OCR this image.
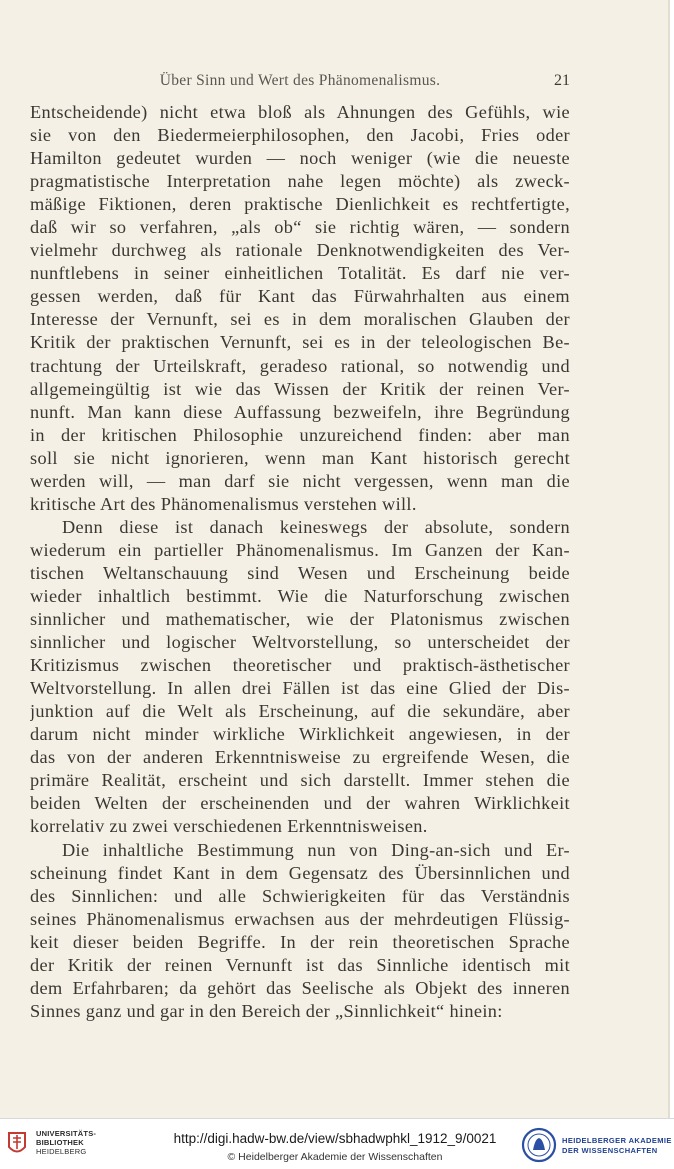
Über Sinn und Wert des Phänomenalismus.	21
Entscheidende) nicht etwa bloß als Ahnungen des Gefühls, wie
sie von den Biedermeierphilosophen, den Jacobi, Fries oder
Hamilton gedeutet wurden — noch weniger (wie die neueste
pragmatistische Interpretation nahe legen möchte) als zweck-
mäßige Fiktionen, deren praktische Dienlichkeit es rechtfertigte,
daß wir so verfahren, „als ob“ sie richtig wären, — sondern
vielmehr durchweg als rationale Denknotwendigkeiten des Ver-
nunftlebens in seiner einheitlichen Totalität. Es darf nie ver-
gessen werden, daß für Kant das Fürwahrhalten aus einem
Interesse der Vernunft, sei es in dem moralischen Glauben der
Kritik der praktischen Vernunft, sei es in der teleologischen Be-
trachtung der Urteilskraft, geradeso rational, so notwendig und
allgemeingültig ist wie das Wissen der Kritik der reinen Ver-
nunft. Man kann diese Auffassung bezweifeln, ihre Begründung
in der kritischen Philosophie unzureichend finden: aber man
soll sie nicht ignorieren, wenn man Kant historisch gerecht
werden will, — man darf sie nicht vergessen, wenn man die
kritische Art des Phänomenalismus verstehen will.
Denn diese ist danach keineswegs der absolute, sondern
wiederum ein partieller Phänomenalismus. Im Ganzen der Kan-
tischen Weltanschauung sind Wesen und Erscheinung beide
wieder inhaltlich bestimmt. Wie die Naturforschung zwischen
sinnlicher und mathematischer, wie der Platonismus zwischen
sinnlicher und logischer Weltvorstellung, so unterscheidet der
Kritizismus zwischen theoretischer und praktisch-ästhetischer
Weltvorstellung. In allen drei Fällen ist das eine Glied der Dis-
junktion auf die Welt als Erscheinung, auf die sekundäre, aber
darum nicht minder wirkliche Wirklichkeit angewiesen, in der
das von der anderen Erkenntnisweise zu ergreifende Wesen, die
primäre Realität, erscheint und sich darstellt. Immer stehen die
beiden Welten der erscheinenden und der wahren Wirklichkeit
korrelativ zu zwei verschiedenen Erkenntnisweisen.
Die inhaltliche Bestimmung nun von Ding-an-sich und Er-
scheinung findet Kant in dem Gegensatz des Übersinnlichen und
des Sinnlichen: und alle Schwierigkeiten für das Verständnis
seines Phänomenalismus erwachsen aus der mehrdeutigen Flüssig-
keit dieser beiden Begriffe. In der rein theoretischen Sprache
der Kritik der reinen Vernunft ist das Sinnliche identisch mit
dem Erfahrbaren; da gehört das Seelische als Objekt des inneren
Sinnes ganz und gar in den Bereich der „Sinnlichkeit“ hinein:
UNIVERSITÄTS-
BIBLIOTHEK
HEIDELBERG
http://digi.hadw-bw.de/view/sbhadwphkl_1912_9/0021
© Heidelberger Akademie der Wissenschaften
HEIDELBERGER AKADEMIE
DER WISSENSCHAFTEN
